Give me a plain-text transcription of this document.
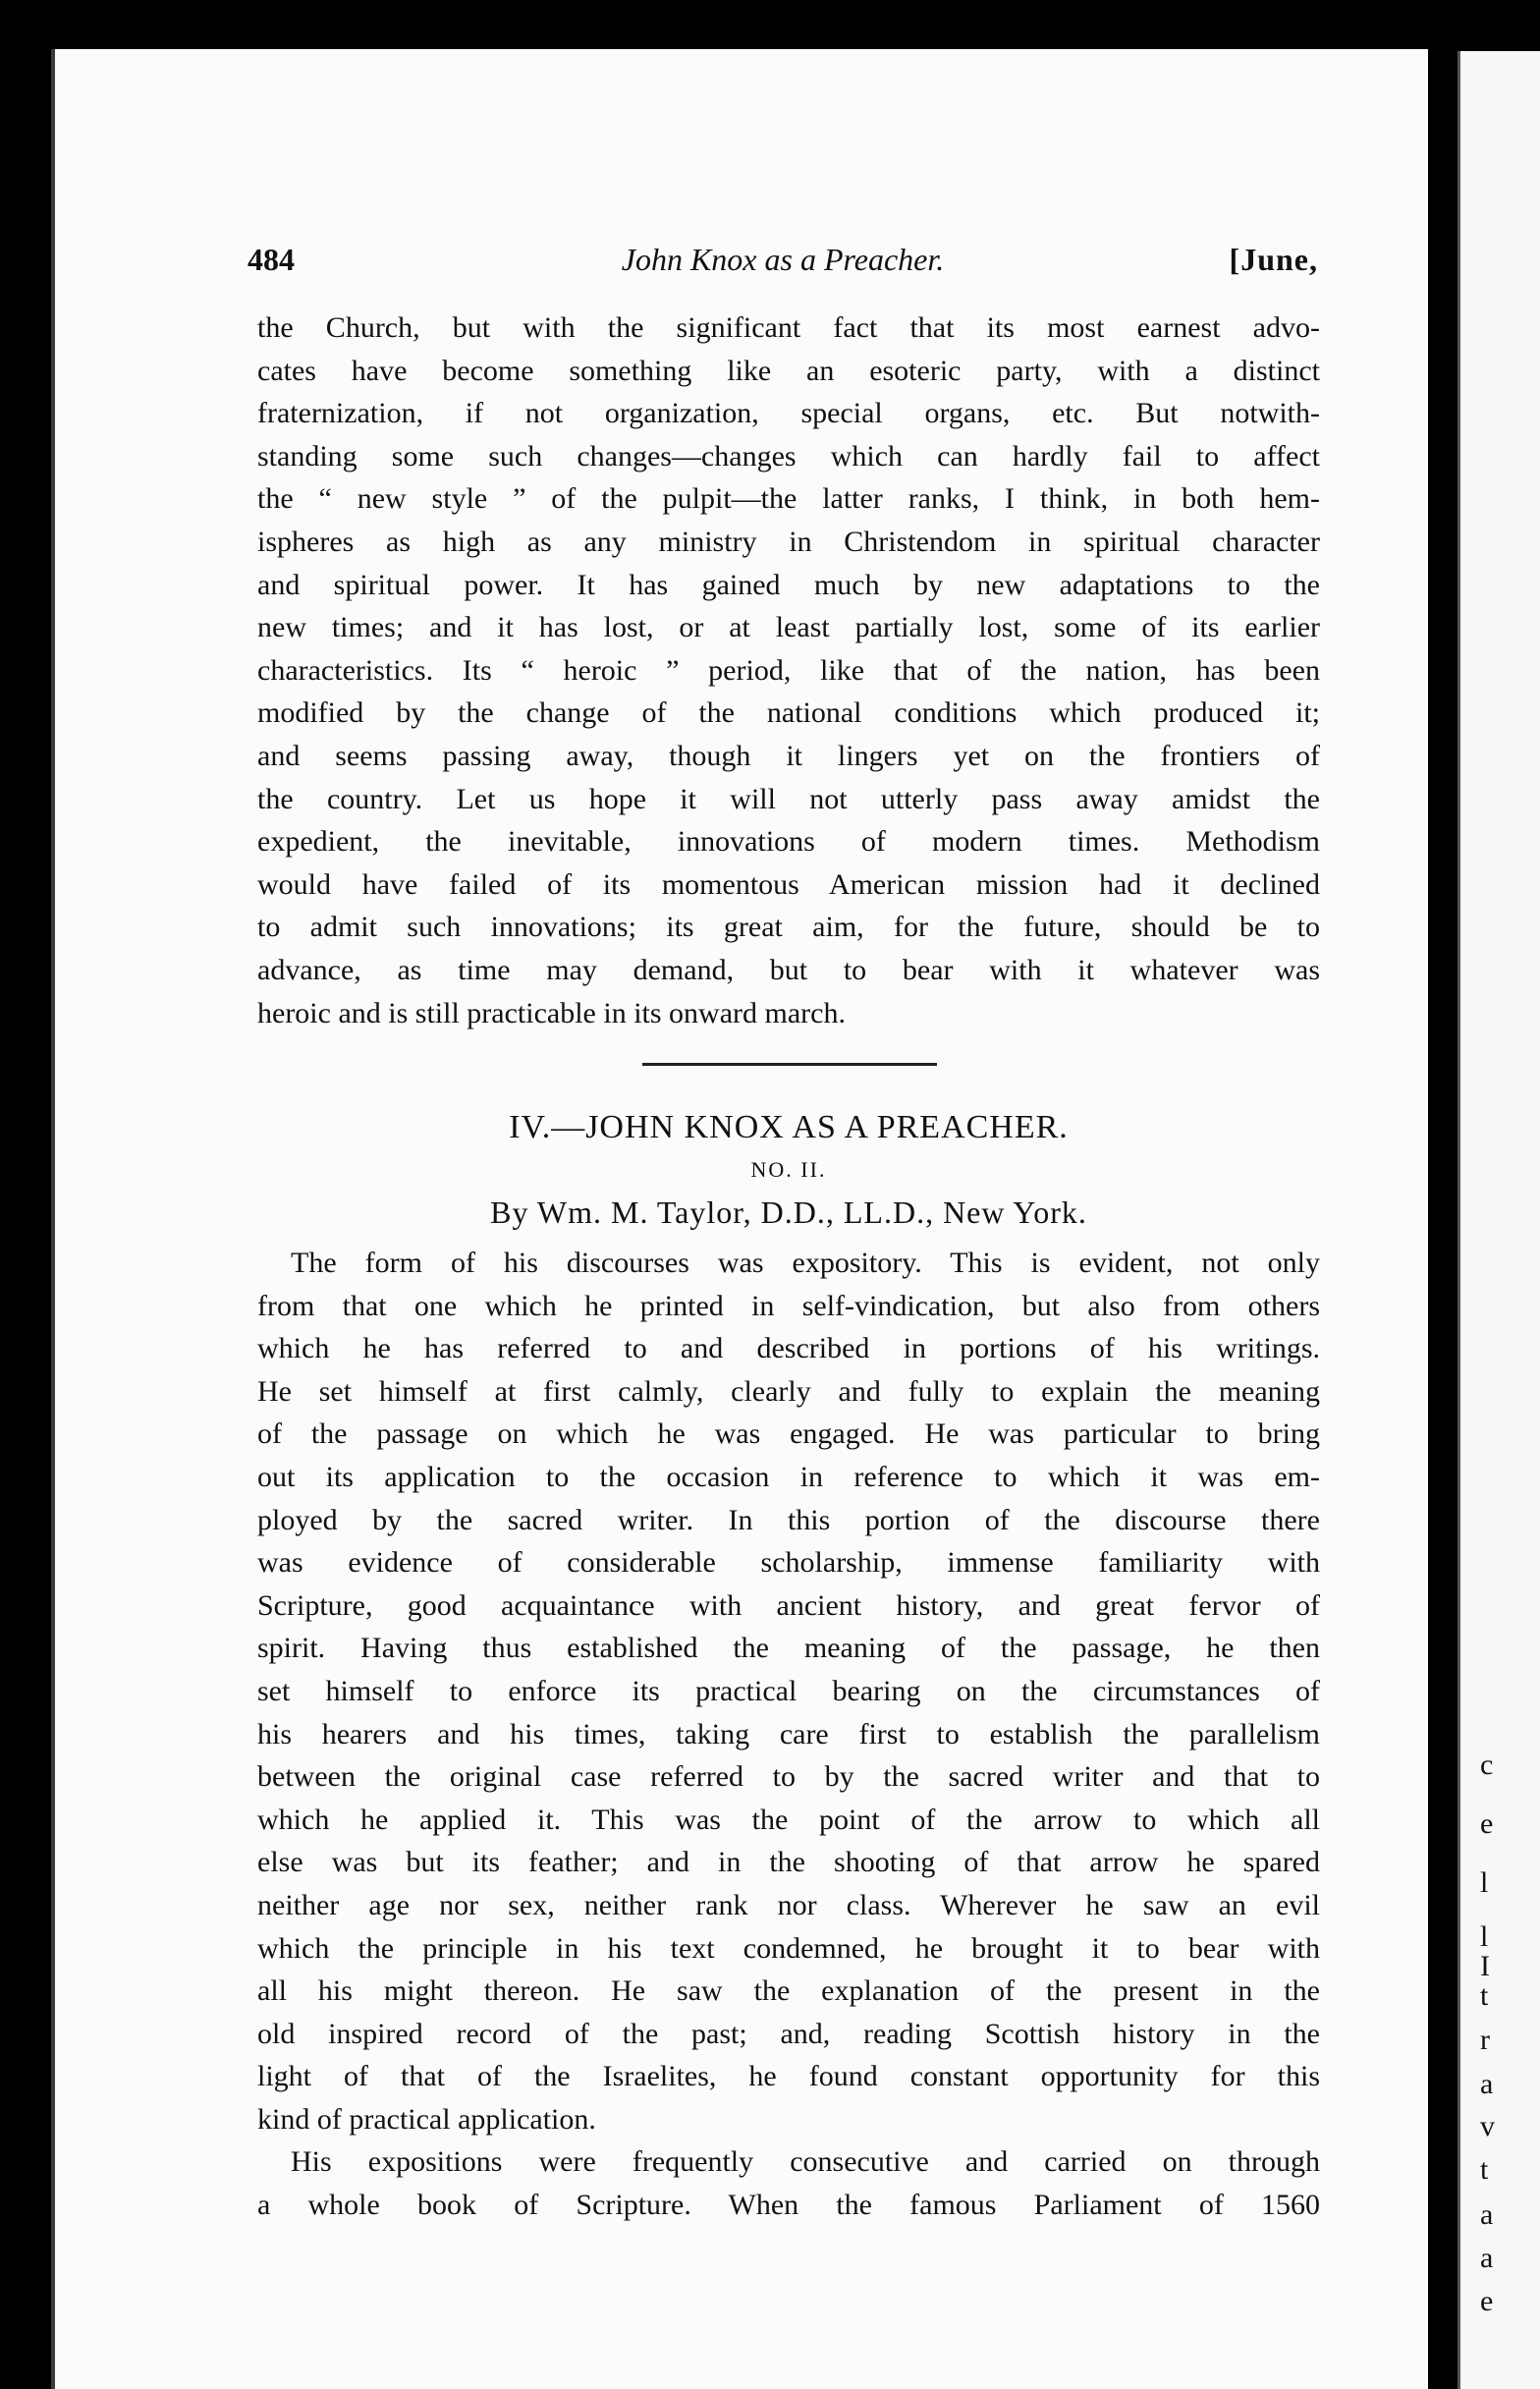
c
e
l
l
I
t
r
a
v
t
a
a
e
John Knox as a Preacher.
484	[June,
the Church, but with the significant fact that its most earnest advo-
cates have become something like an esoteric party, with a distinct
fraternization, if not organization, special organs, etc. But notwith-
standing some such changes—changes which can hardly fail to affect
the “ new style ” of the pulpit—the latter ranks, I think, in both hem-
ispheres as high as any ministry in Christendom in spiritual character
and spiritual power. It has gained much by new adaptations to the
new times; and it has lost, or at least partially lost, some of its earlier
characteristics. Its “ heroic ” period, like that of the nation, has been
modified by the change of the national conditions which produced it;
and seems passing away, though it lingers yet on the frontiers of
the country. Let us hope it will not utterly pass away amidst the
expedient, the inevitable, innovations of modern times. Methodism
would have failed of its momentous American mission had it declined
to admit such innovations; its great aim, for the future, should be to
advance, as time may demand, but to bear with it whatever was
heroic and is still practicable in its onward march.
IV.—JOHN KNOX AS A PREACHER.
NO. II.
By Wm. M. Taylor, D.D., LL.D., New York.
The form of his discourses was expository. This is evident, not only
from that one which he printed in self-vindication, but also from others
which he has referred to and described in portions of his writings.
He set himself at first calmly, clearly and fully to explain the meaning
of the passage on which he was engaged. He was particular to bring
out its application to the occasion in reference to which it was em-
ployed by the sacred writer. In this portion of the discourse there
was evidence of considerable scholarship, immense familiarity with
Scripture, good acquaintance with ancient history, and great fervor of
spirit. Having thus established the meaning of the passage, he then
set himself to enforce its practical bearing on the circumstances of
his hearers and his times, taking care first to establish the parallelism
between the original case referred to by the sacred writer and that to
which he applied it. This was the point of the arrow to which all
else was but its feather; and in the shooting of that arrow he spared
neither age nor sex, neither rank nor class. Wherever he saw an evil
which the principle in his text condemned, he brought it to bear with
all his might thereon. He saw the explanation of the present in the
old inspired record of the past; and, reading Scottish history in the
light of that of the Israelites, he found constant opportunity for this
kind of practical application.
His expositions were frequently consecutive and carried on through
a whole book of Scripture. When the famous Parliament of 1560
